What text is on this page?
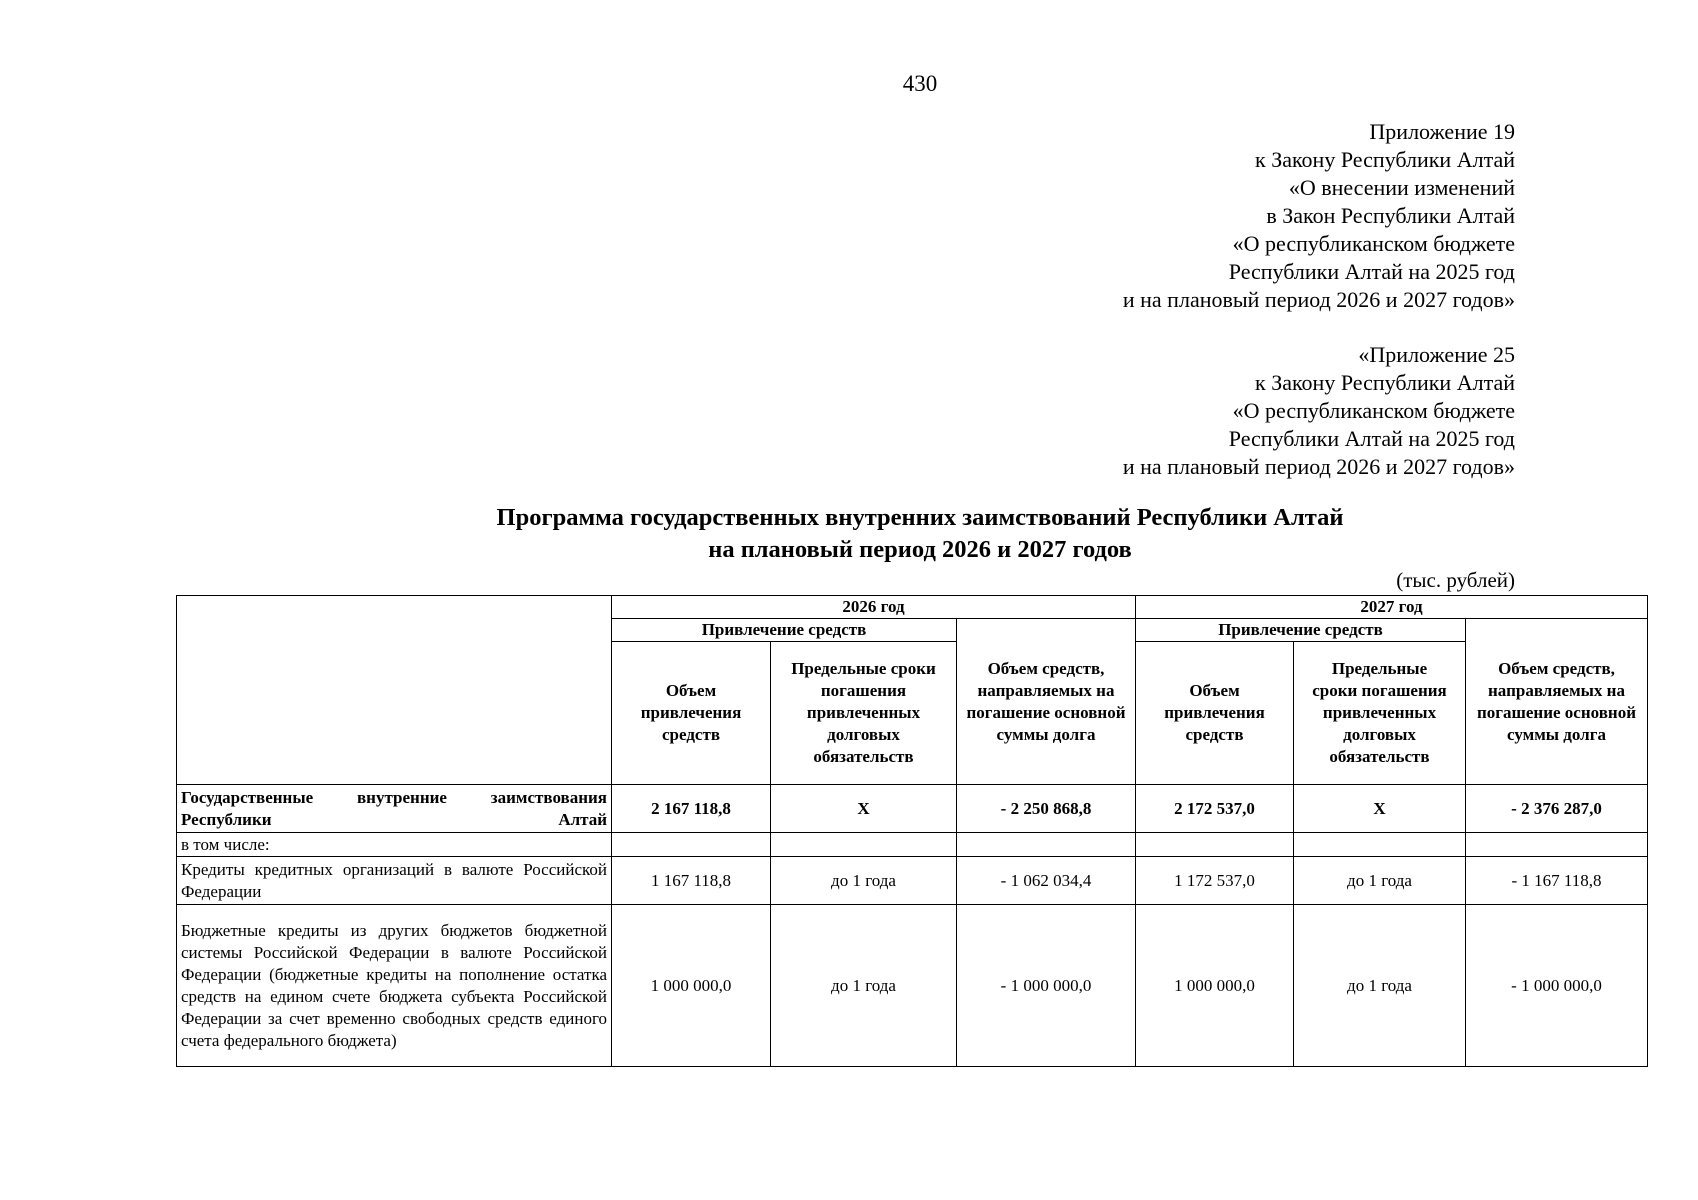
430
Приложение 19
к Закону Республики Алтай
«О внесении изменений
в Закон Республики Алтай
«О республиканском бюджете
Республики Алтай на 2025 год
и на плановый период 2026 и 2027 годов»
«Приложение 25
к Закону Республики Алтай
«О республиканском бюджете
Республики Алтай на 2025 год
и на плановый период 2026 и 2027 годов»
Программа государственных внутренних заимствований Республики Алтай
на плановый период 2026 и 2027 годов
(тыс. рублей)
	2026 год			2027 год		
	Привлечение средств		Объем средств, направляемых на погашение основной суммы долга	Привлечение средств		Объем средств, направляемых на погашение основной суммы долга
	Объем привлечения средств	Предельные сроки погашения привлеченных долговых обязательств		Объем привлечения средств	Предельные сроки погашения привлеченных долговых обязательств	
Государственные внутренние заимствования Республики Алтай	2 167 118,8	Х	- 2 250 868,8	2 172 537,0	Х	- 2 376 287,0
в том числе:						
Кредиты кредитных организаций в валюте Российской Федерации	1 167 118,8	до 1 года	- 1 062 034,4	1 172 537,0	до 1 года	- 1 167 118,8
Бюджетные кредиты из других бюджетов бюджетной системы Российской Федерации в валюте Российской Федерации (бюджетные кредиты на пополнение остатка средств на едином счете бюджета субъекта Российской Федерации за счет временно свободных средств единого счета федерального бюджета)	1 000 000,0	до 1 года	- 1 000 000,0	1 000 000,0	до 1 года	- 1 000 000,0
